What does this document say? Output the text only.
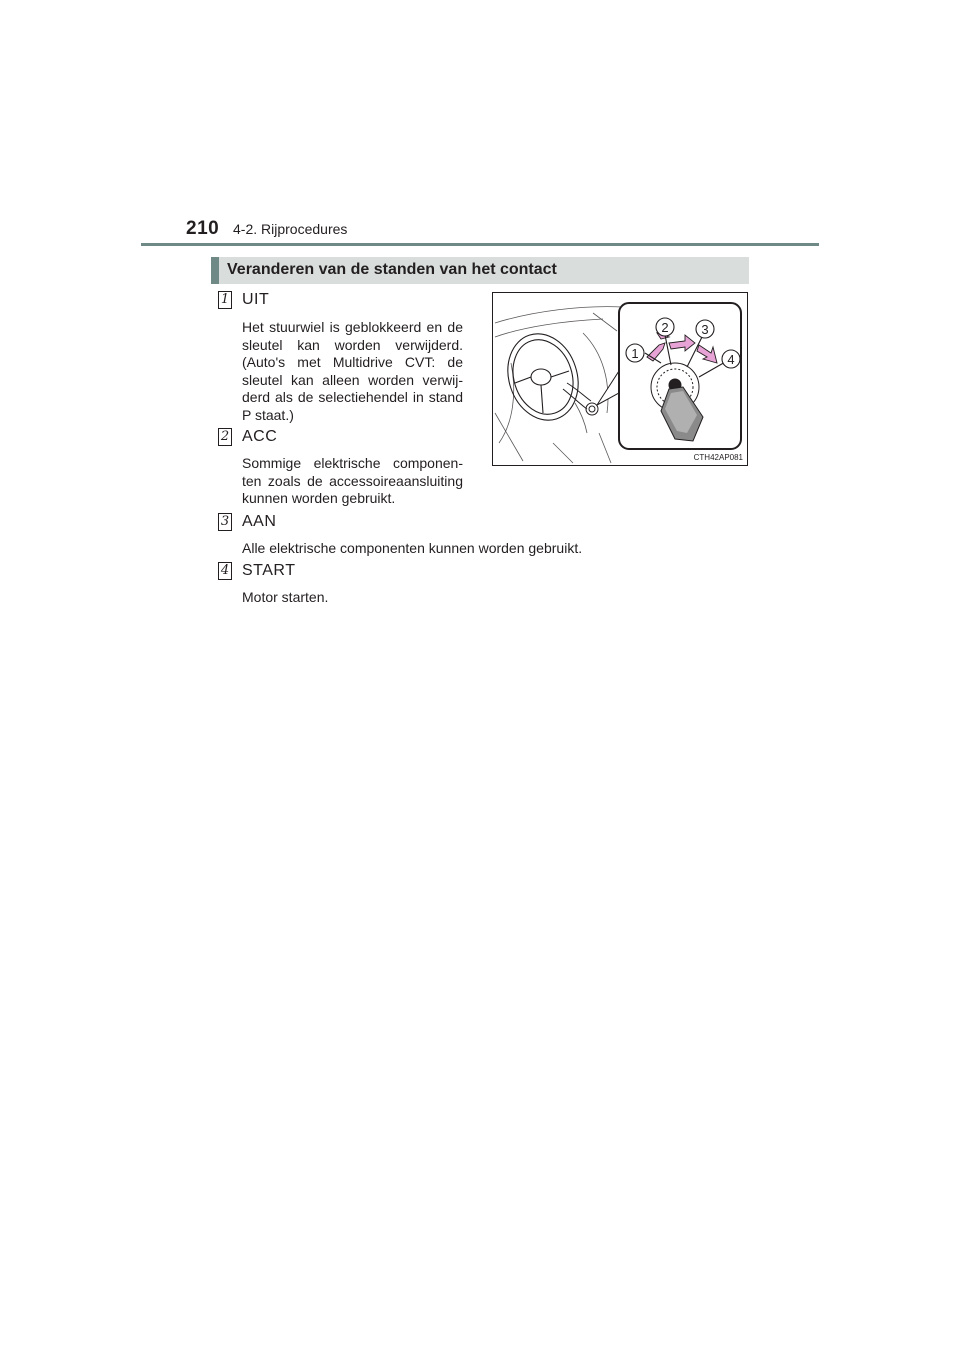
210 4-2. Rijprocedures
Veranderen van de standen van het contact
1 UIT
Het stuurwiel is geblokkeerd en de sleutel kan worden verwijderd. (Auto's met Multidrive CVT: de sleutel kan alleen worden verwij-derd als de selectiehendel in stand P staat.)
2 ACC
Sommige elektrische componen-ten zoals de accessoireaansluiting kunnen worden gebruikt.
3 AAN
Alle elektrische componenten kunnen worden gebruikt.
4 START
Motor starten.
1
2	3
4
CTH42AP081
